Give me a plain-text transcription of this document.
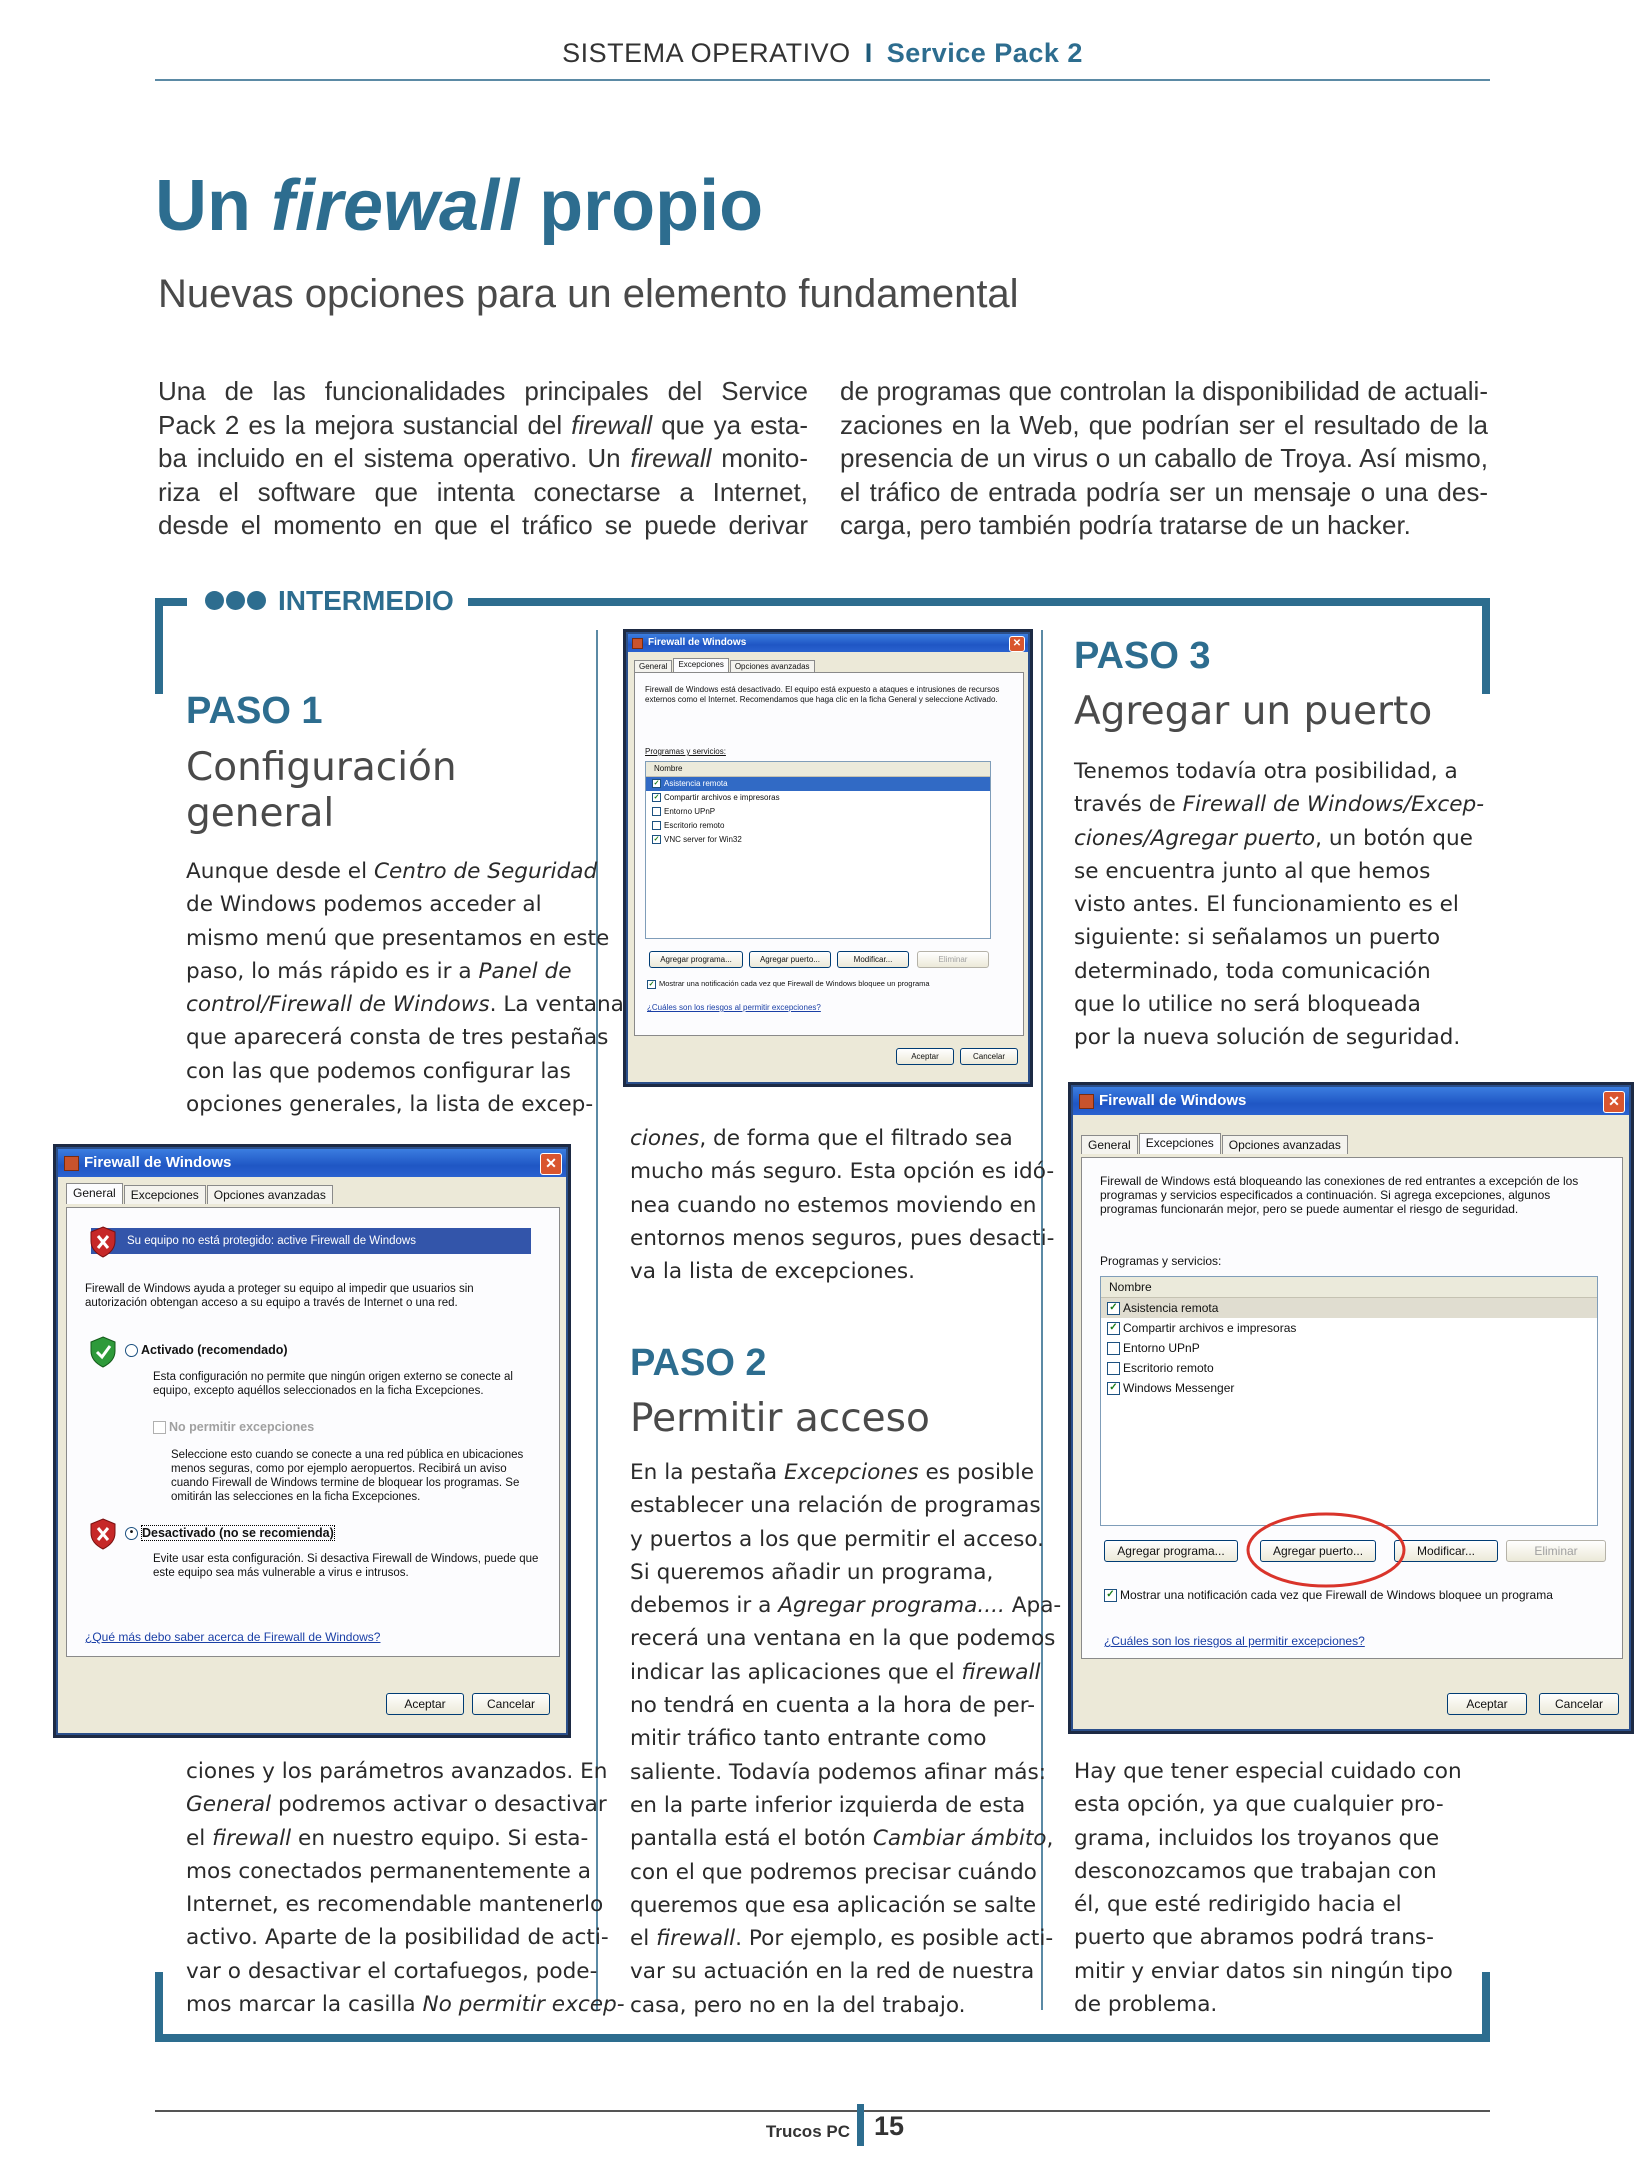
SISTEMA OPERATIVO I Service Pack 2
Un firewall propio
Nuevas opciones para un elemento fundamental
Una de las funcionalidades principales del Service
Pack 2 es la mejora sustancial del firewall que ya esta-
ba incluido en el sistema operativo. Un firewall monito-
riza el software que intenta conectarse a Internet,
desde el momento en que el tráfico se puede derivar
de programas que controlan la disponibilidad de actuali-
zaciones en la Web, que podrían ser el resultado de la
presencia de un virus o un caballo de Troya. Así mismo,
el tráfico de entrada podría ser un mensaje o una des-
carga, pero también podría tratarse de un hacker.
INTERMEDIO
PASO 1
Configuración
general
Aunque desde el Centro de Seguridad
de Windows podemos acceder al
mismo menú que presentamos en este
paso, lo más rápido es ir a Panel de
control/Firewall de Windows. La ventana
que aparecerá consta de tres pestañas
con las que podemos configurar las
opciones generales, la lista de excep-
ciones y los parámetros avanzados. En
General podremos activar o desactivar
el firewall en nuestro equipo. Si esta-
mos conectados permanentemente a
Internet, es recomendable mantenerlo
activo. Aparte de la posibilidad de acti-
var o desactivar el cortafuegos, pode-
mos marcar la casilla No permitir excep-
Firewall de Windows	✕
General Excepciones Opciones avanzadas
Su equipo no está protegido: active Firewall de Windows
Firewall de Windows ayuda a proteger su equipo al impedir que usuarios sin autorización obtengan acceso a su equipo a través de Internet o una red.
Activado (recomendado)
Esta configuración no permite que ningún origen externo se conecte al equipo, excepto aquéllos seleccionados en la ficha Excepciones.
No permitir excepciones
Seleccione esto cuando se conecte a una red pública en ubicaciones menos seguras, como por ejemplo aeropuertos. Recibirá un aviso cuando Firewall de Windows termine de bloquear los programas. Se omitirán las selecciones en la ficha Excepciones.
• Desactivado (no se recomienda)
Evite usar esta configuración. Si desactiva Firewall de Windows, puede que este equipo sea más vulnerable a virus e intrusos.
¿Qué más debo saber acerca de Firewall de Windows?
Aceptar	Cancelar
Firewall de Windows	✕
General Excepciones Opciones avanzadas
Firewall de Windows está desactivado. El equipo está expuesto a ataques e intrusiones de recursos externos como el Internet. Recomendamos que haga clic en la ficha General y seleccione Activado.
Programas y servicios:
Nombre
✓ Asistencia remota
✓ Compartir archivos e impresoras
Entorno UPnP
Escritorio remoto
✓ VNC server for Win32
Agregar programa...	Agregar puerto...	Modificar...	Eliminar
✓ Mostrar una notificación cada vez que Firewall de Windows bloquee un programa
¿Cuáles son los riesgos al permitir excepciones?
Aceptar	Cancelar
ciones, de forma que el filtrado sea
mucho más seguro. Esta opción es idó-
nea cuando no estemos moviendo en
entornos menos seguros, pues desacti-
va la lista de excepciones.
PASO 2
Permitir acceso
En la pestaña Excepciones es posible
establecer una relación de programas
y puertos a los que permitir el acceso.
Si queremos añadir un programa,
debemos ir a Agregar programa.... Apa-
recerá una ventana en la que podemos
indicar las aplicaciones que el firewall
no tendrá en cuenta a la hora de per-
mitir tráfico tanto entrante como
saliente. Todavía podemos afinar más:
en la parte inferior izquierda de esta
pantalla está el botón Cambiar ámbito,
con el que podremos precisar cuándo
queremos que esa aplicación se salte
el firewall. Por ejemplo, es posible acti-
var su actuación en la red de nuestra
casa, pero no en la del trabajo.
PASO 3
Agregar un puerto
Tenemos todavía otra posibilidad, a
través de Firewall de Windows/Excep-
ciones/Agregar puerto, un botón que
se encuentra junto al que hemos
visto antes. El funcionamiento es el
siguiente: si señalamos un puerto
determinado, toda comunicación
que lo utilice no será bloqueada
por la nueva solución de seguridad.
Firewall de Windows	✕
General Excepciones Opciones avanzadas
Firewall de Windows está bloqueando las conexiones de red entrantes a excepción de los programas y servicios especificados a continuación. Si agrega excepciones, algunos programas funcionarán mejor, pero se puede aumentar el riesgo de seguridad.
Programas y servicios:
Nombre
✓ Asistencia remota
✓ Compartir archivos e impresoras
Entorno UPnP
Escritorio remoto
✓ Windows Messenger
Agregar programa...	Agregar puerto...	Modificar...	Eliminar
✓ Mostrar una notificación cada vez que Firewall de Windows bloquee un programa
¿Cuáles son los riesgos al permitir excepciones?
Aceptar	Cancelar
Hay que tener especial cuidado con
esta opción, ya que cualquier pro-
grama, incluidos los troyanos que
desconozcamos que trabajan con
él, que esté redirigido hacia el
puerto que abramos podrá trans-
mitir y enviar datos sin ningún tipo
de problema.
Trucos PC 15
